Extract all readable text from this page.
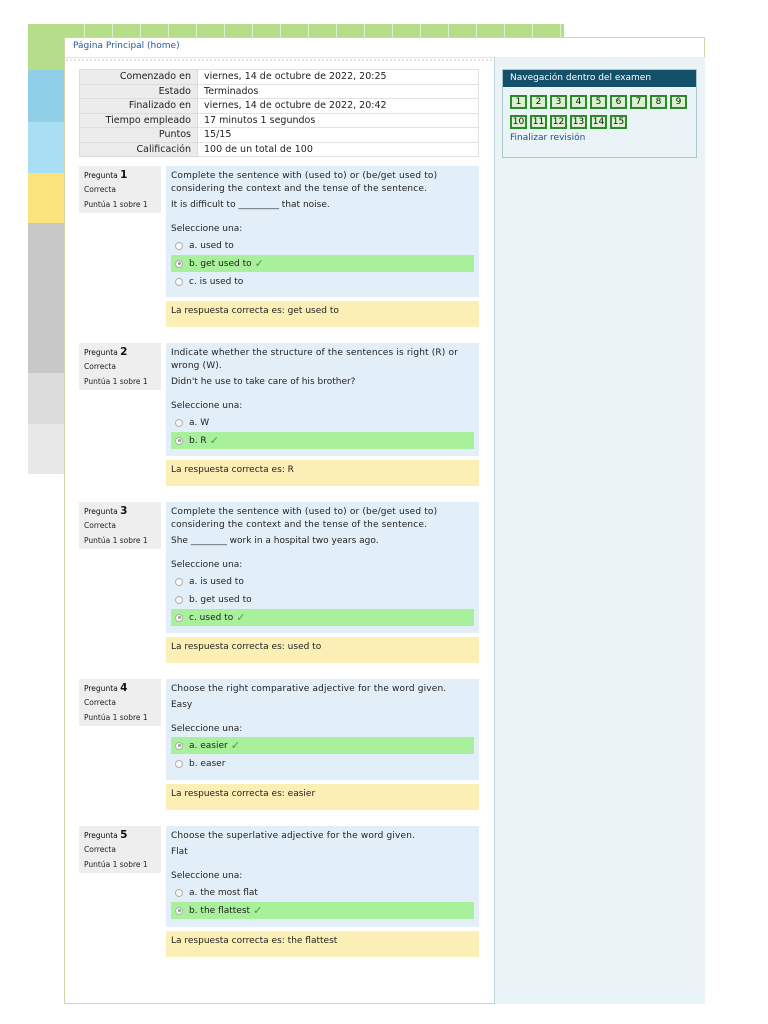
Página Principal (home)
Comenzado en	viernes, 14 de octubre de 2022, 20:25
Estado	Terminados
Finalizado en	viernes, 14 de octubre de 2022, 20:42
Tiempo empleado	17 minutos 1 segundos
Puntos	15/15
Calificación	100 de un total de 100
Pregunta 1
Correcta
Puntúa 1 sobre 1
Complete the sentence with (used to) or (be/get used to) considering the context and the tense of the sentence.
It is difficult to _________ that noise.
Seleccione una:
a. used to
b. get used to ✓
c. is used to
La respuesta correcta es: get used to
Pregunta 2
Correcta
Puntúa 1 sobre 1
Indicate whether the structure of the sentences is right (R) or wrong (W).
Didn't he use to take care of his brother?
Seleccione una:
a. W
b. R ✓
La respuesta correcta es: R
Pregunta 3
Correcta
Puntúa 1 sobre 1
Complete the sentence with (used to) or (be/get used to) considering the context and the tense of the sentence.
She ________ work in a hospital two years ago.
Seleccione una:
a. is used to
b. get used to
c. used to ✓
La respuesta correcta es: used to
Pregunta 4
Correcta
Puntúa 1 sobre 1
Choose the right comparative adjective for the word given.
Easy
Seleccione una:
a. easier ✓
b. easer
La respuesta correcta es: easier
Pregunta 5
Correcta
Puntúa 1 sobre 1
Choose the superlative adjective for the word given.
Flat
Seleccione una:
a. the most flat
b. the flattest ✓
La respuesta correcta es: the flattest
Navegación dentro del examen
1	2	3	4	5	6	7	8	9
10 11 12 13 14 15
Finalizar revisión
